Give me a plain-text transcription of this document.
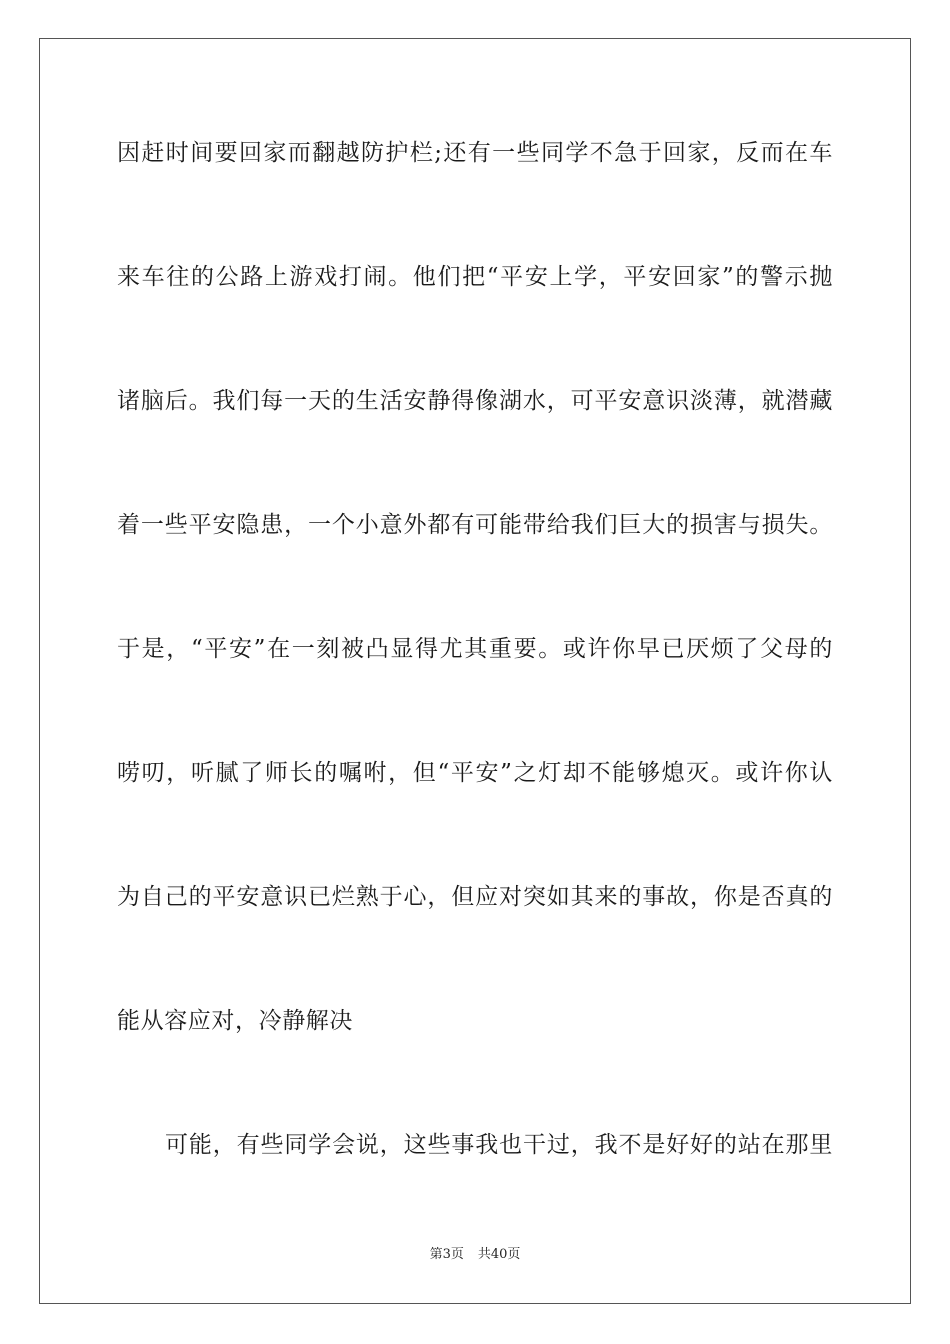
因赶时间要回家而翻越防护栏;还有一些同学不急于回家，反而在车
来车往的公路上游戏打闹。他们把“平安上学，平安回家”的警示抛
诸脑后。我们每一天的生活安静得像湖水，可平安意识淡薄，就潜藏
着一些平安隐患，一个小意外都有可能带给我们巨大的损害与损失。
于是，“平安”在一刻被凸显得尤其重要。或许你早已厌烦了父母的
唠叨，听腻了师长的嘱咐，但“平安”之灯却不能够熄灭。或许你认
为自己的平安意识已烂熟于心，但应对突如其来的事故，你是否真的
能从容应对，冷静解决
可能，有些同学会说，这些事我也干过，我不是好好的站在那里
第3页 共40页
